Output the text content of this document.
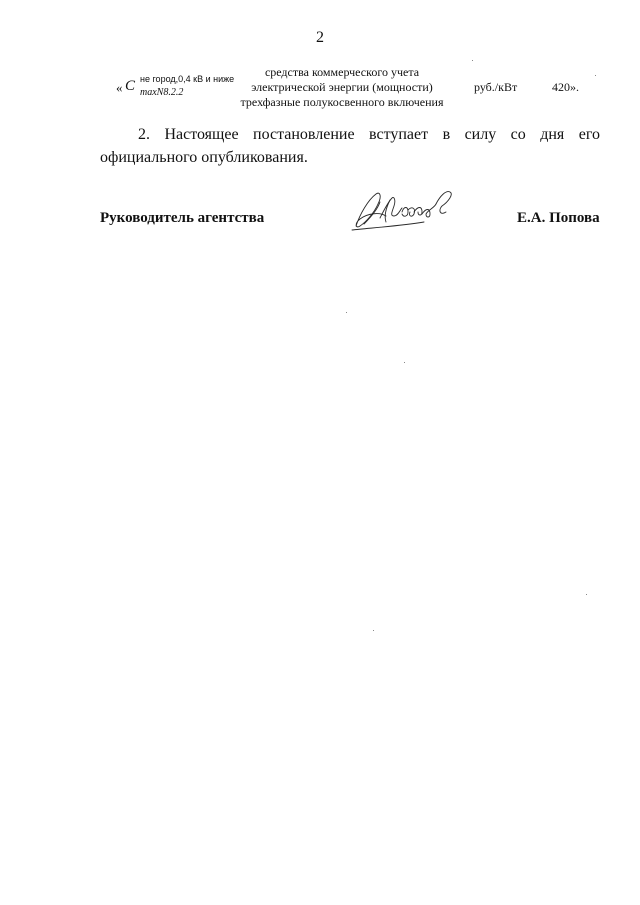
2
« C не город,0,4 кВ и ниже
maxN8.2.2
средства коммерческого учета
электрической энергии (мощности)
трехфазные полукосвенного включения
руб./кВт	420».
2. Настоящее постановление вступает в силу со дня его официального опубликования.
Руководитель агентства	Е.А. Попова
